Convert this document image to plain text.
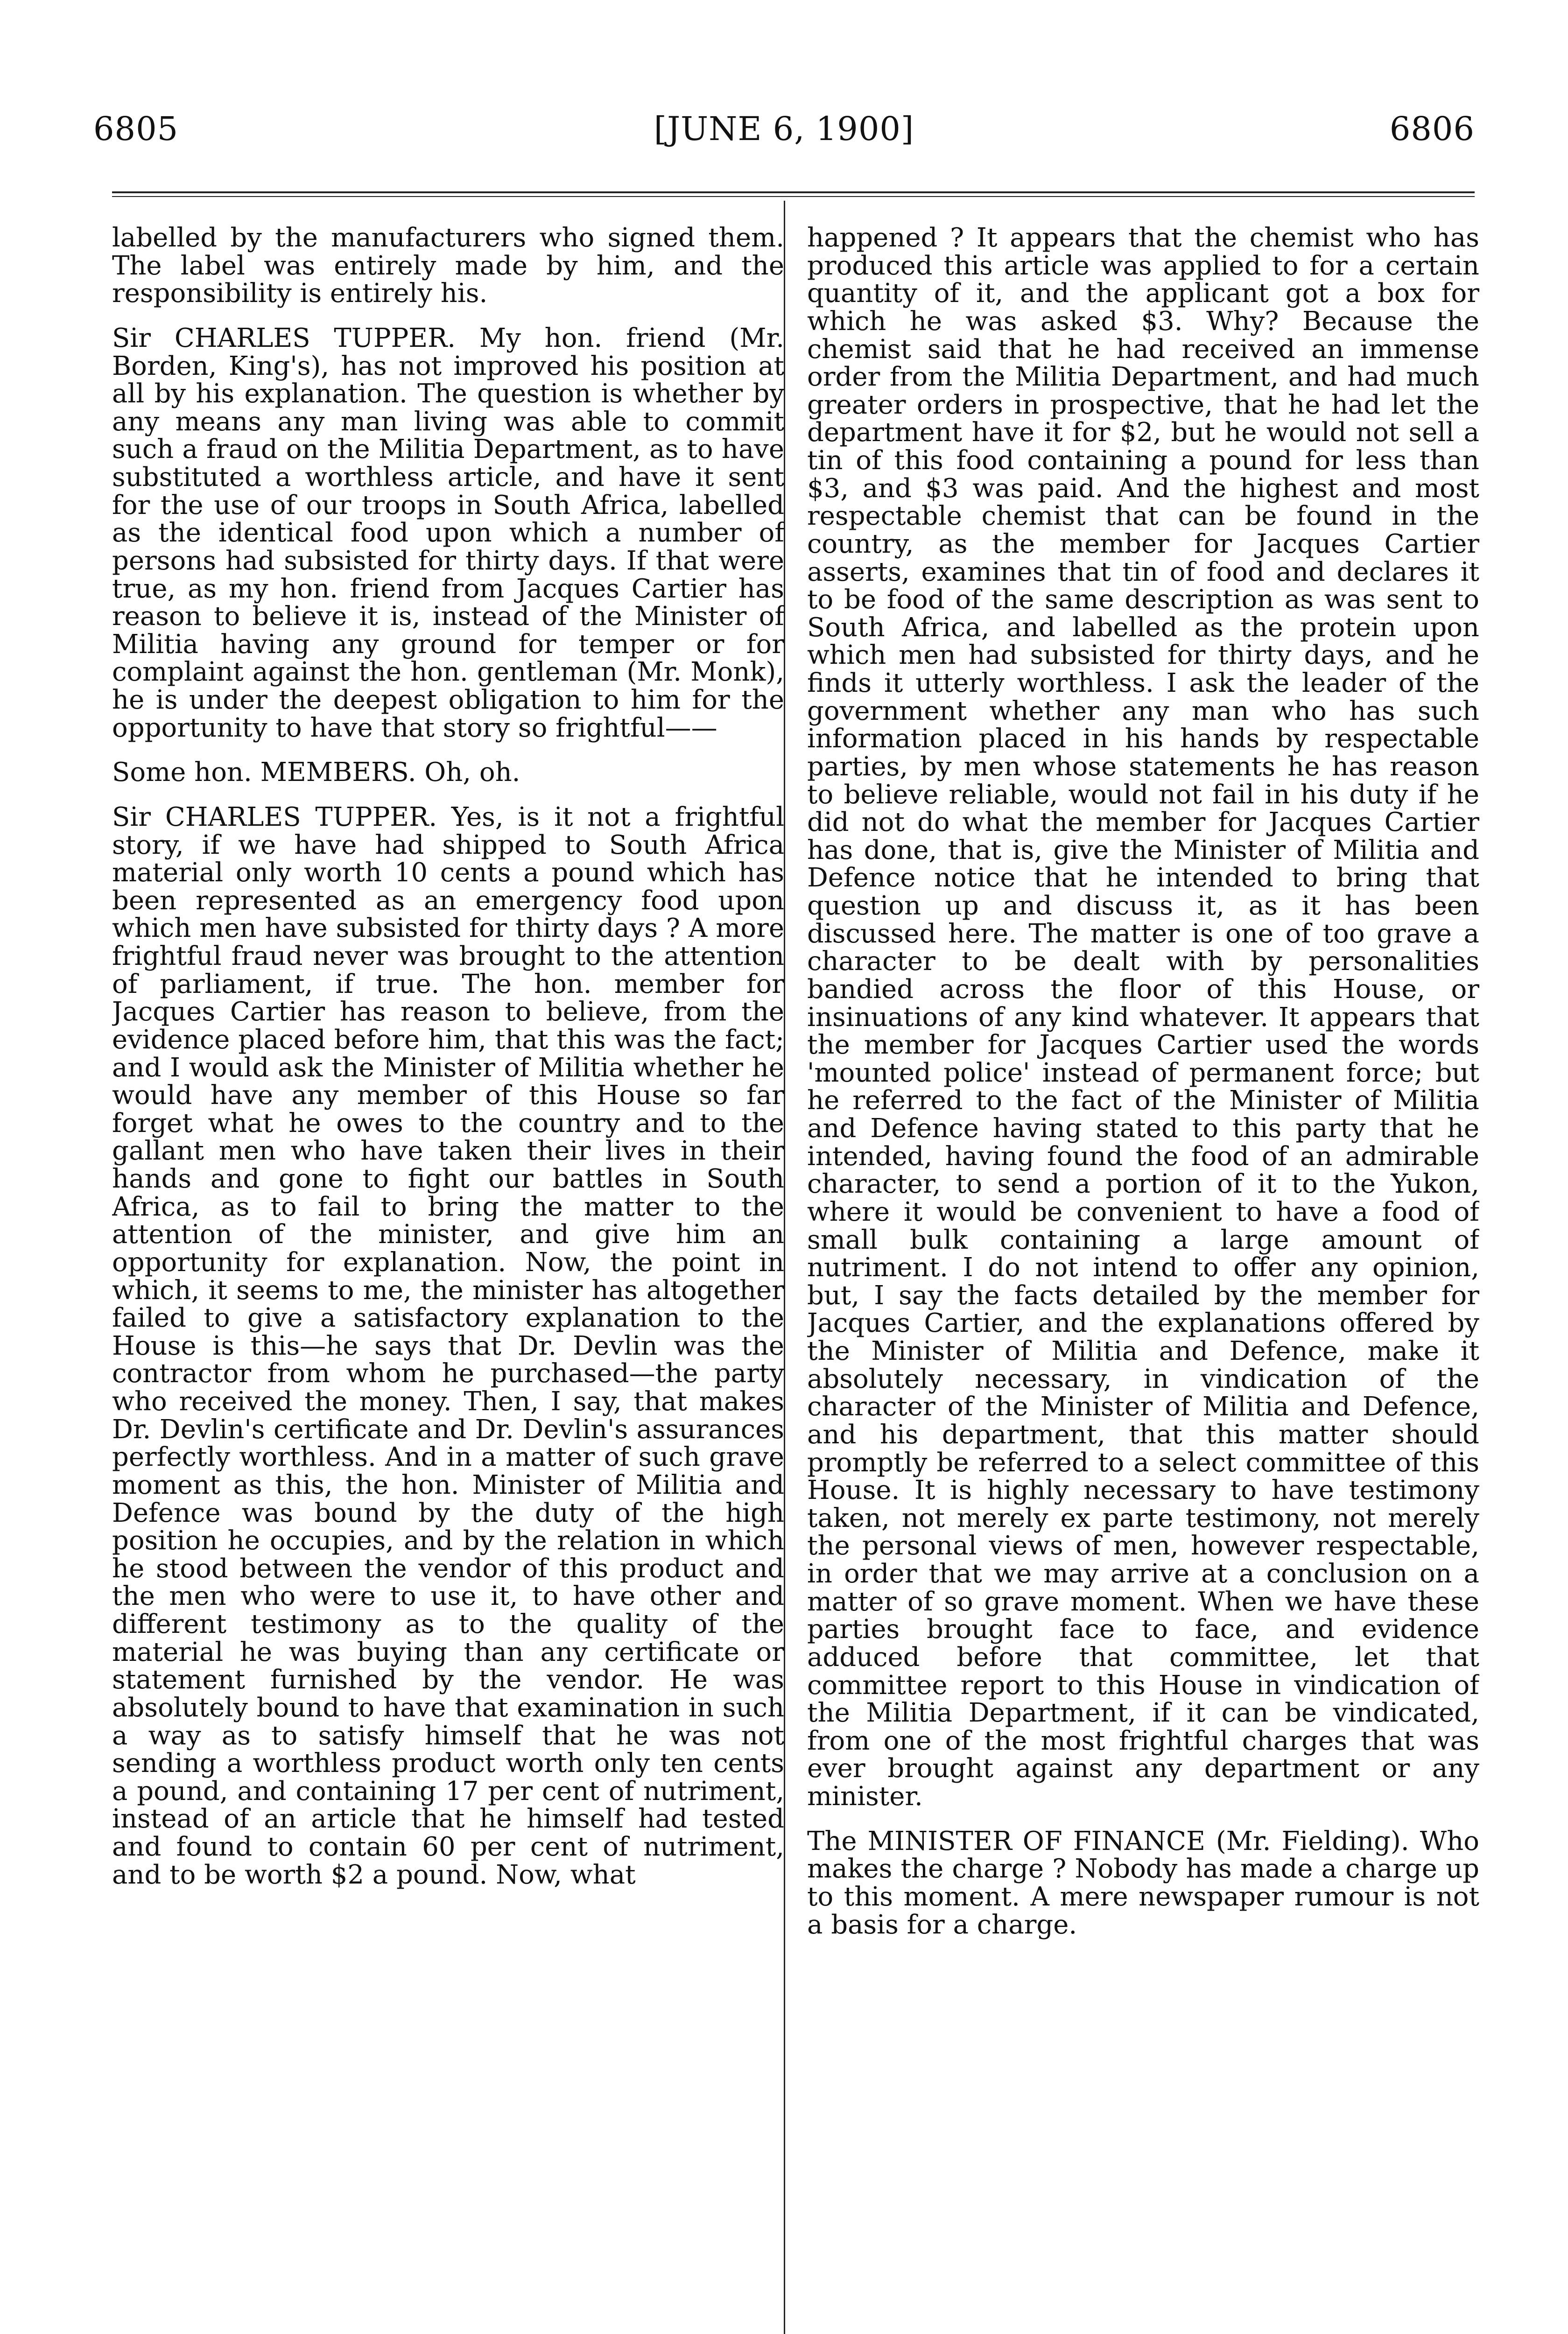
6805	[JUNE 6, 1900]	6806

labelled by the manufacturers who signed them. The label was entirely made by him, and the responsibility is entirely his.

Sir CHARLES TUPPER. My hon. friend (Mr. Borden, King's), has not improved his position at all by his explanation. The question is whether by any means any man living was able to commit such a fraud on the Militia Department, as to have substituted a worthless article, and have it sent for the use of our troops in South Africa, labelled as the identical food upon which a number of persons had subsisted for thirty days. If that were true, as my hon. friend from Jacques Cartier has reason to believe it is, instead of the Minister of Militia having any ground for temper or for complaint against the hon. gentleman (Mr. Monk), he is under the deepest obligation to him for the opportunity to have that story so frightful——

Some hon. MEMBERS. Oh, oh.

Sir CHARLES TUPPER. Yes, is it not a frightful story, if we have had shipped to South Africa material only worth 10 cents a pound which has been represented as an emergency food upon which men have subsisted for thirty days ? A more frightful fraud never was brought to the attention of parliament, if true. The hon. member for Jacques Cartier has reason to believe, from the evidence placed before him, that this was the fact; and I would ask the Minister of Militia whether he would have any member of this House so far forget what he owes to the country and to the gallant men who have taken their lives in their hands and gone to fight our battles in South Africa, as to fail to bring the matter to the attention of the minister, and give him an opportunity for explanation. Now, the point in which, it seems to me, the minister has altogether failed to give a satisfactory explanation to the House is this—he says that Dr. Devlin was the contractor from whom he purchased—the party who received the money. Then, I say, that makes Dr. Devlin's certificate and Dr. Devlin's assurances perfectly worthless. And in a matter of such grave moment as this, the hon. Minister of Militia and Defence was bound by the duty of the high position he occupies, and by the relation in which he stood between the vendor of this product and the men who were to use it, to have other and different testimony as to the quality of the material he was buying than any certificate or statement furnished by the vendor. He was absolutely bound to have that examination in such a way as to satisfy himself that he was not sending a worthless product worth only ten cents a pound, and containing 17 per cent of nutriment, instead of an article that he himself had tested and found to contain 60 per cent of nutriment, and to be worth $2 a pound. Now, what

happened ? It appears that the chemist who has produced this article was applied to for a certain quantity of it, and the applicant got a box for which he was asked $3. Why? Because the chemist said that he had received an immense order from the Militia Department, and had much greater orders in prospective, that he had let the department have it for $2, but he would not sell a tin of this food containing a pound for less than $3, and $3 was paid. And the highest and most respectable chemist that can be found in the country, as the member for Jacques Cartier asserts, examines that tin of food and declares it to be food of the same description as was sent to South Africa, and labelled as the protein upon which men had subsisted for thirty days, and he finds it utterly worthless. I ask the leader of the government whether any man who has such information placed in his hands by respectable parties, by men whose statements he has reason to believe reliable, would not fail in his duty if he did not do what the member for Jacques Cartier has done, that is, give the Minister of Militia and Defence notice that he intended to bring that question up and discuss it, as it has been discussed here. The matter is one of too grave a character to be dealt with by personalities bandied across the floor of this House, or insinuations of any kind whatever. It appears that the member for Jacques Cartier used the words 'mounted police' instead of permanent force; but he referred to the fact of the Minister of Militia and Defence having stated to this party that he intended, having found the food of an admirable character, to send a portion of it to the Yukon, where it would be convenient to have a food of small bulk containing a large amount of nutriment. I do not intend to offer any opinion, but, I say the facts detailed by the member for Jacques Cartier, and the explanations offered by the Minister of Militia and Defence, make it absolutely necessary, in vindication of the character of the Minister of Militia and Defence, and his department, that this matter should promptly be referred to a select committee of this House. It is highly necessary to have testimony taken, not merely ex parte testimony, not merely the personal views of men, however respectable, in order that we may arrive at a conclusion on a matter of so grave moment. When we have these parties brought face to face, and evidence adduced before that committee, let that committee report to this House in vindication of the Militia Department, if it can be vindicated, from one of the most frightful charges that was ever brought against any department or any minister.

The MINISTER OF FINANCE (Mr. Fielding). Who makes the charge ? Nobody has made a charge up to this moment. A mere newspaper rumour is not a basis for a charge.
